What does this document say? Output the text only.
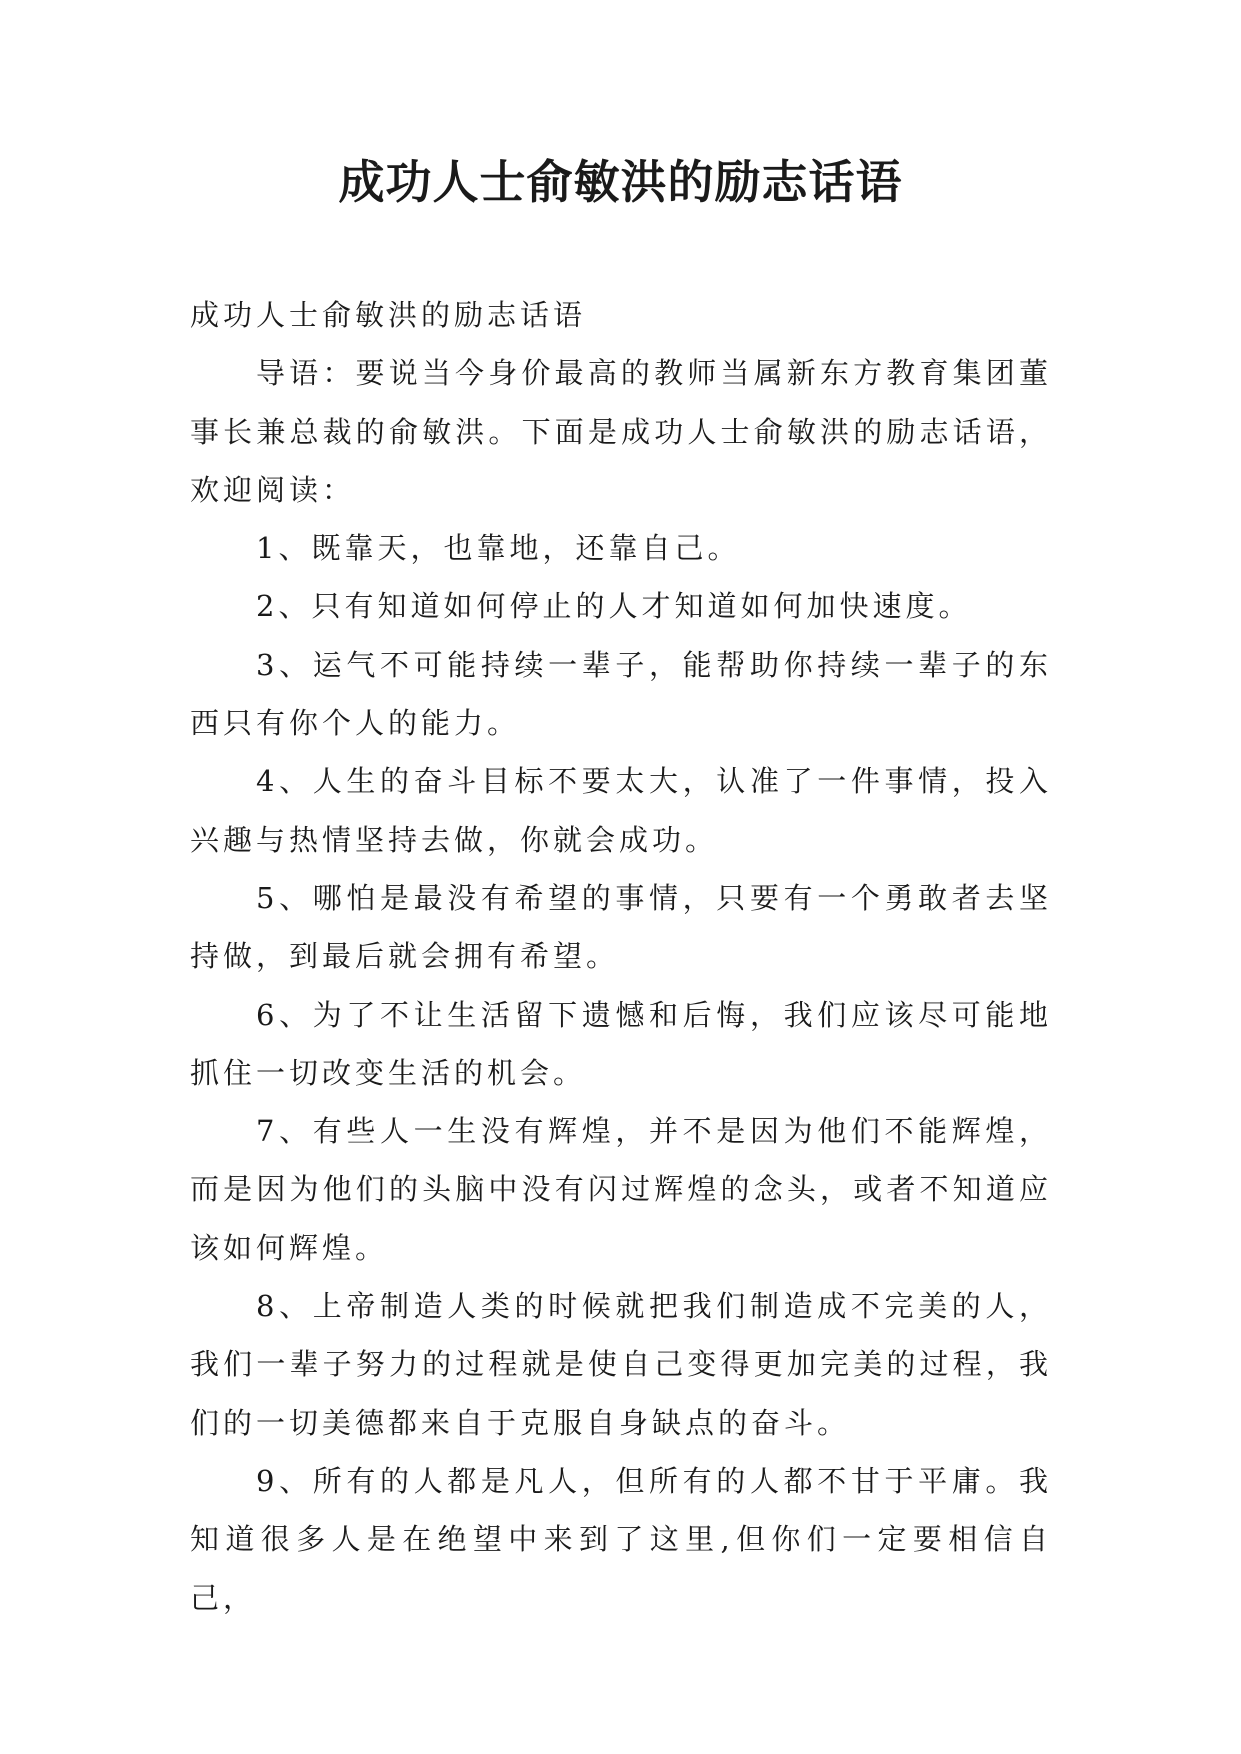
成功人士俞敏洪的励志话语

成功人士俞敏洪的励志话语

导语：要说当今身价最高的教师当属新东方教育集团董事长兼总裁的俞敏洪。下面是成功人士俞敏洪的励志话语，欢迎阅读：

1、既靠天，也靠地，还靠自己。

2、只有知道如何停止的人才知道如何加快速度。

3、运气不可能持续一辈子，能帮助你持续一辈子的东西只有你个人的能力。

4、人生的奋斗目标不要太大，认准了一件事情，投入兴趣与热情坚持去做，你就会成功。

5、哪怕是最没有希望的事情，只要有一个勇敢者去坚持做，到最后就会拥有希望。

6、为了不让生活留下遗憾和后悔，我们应该尽可能地抓住一切改变生活的机会。

7、有些人一生没有辉煌，并不是因为他们不能辉煌，而是因为他们的头脑中没有闪过辉煌的念头，或者不知道应该如何辉煌。

8、上帝制造人类的时候就把我们制造成不完美的人，我们一辈子努力的过程就是使自己变得更加完美的过程，我们的一切美德都来自于克服自身缺点的奋斗。

9、所有的人都是凡人，但所有的人都不甘于平庸。我知道很多人是在绝望中来到了这里,但你们一定要相信自己，
